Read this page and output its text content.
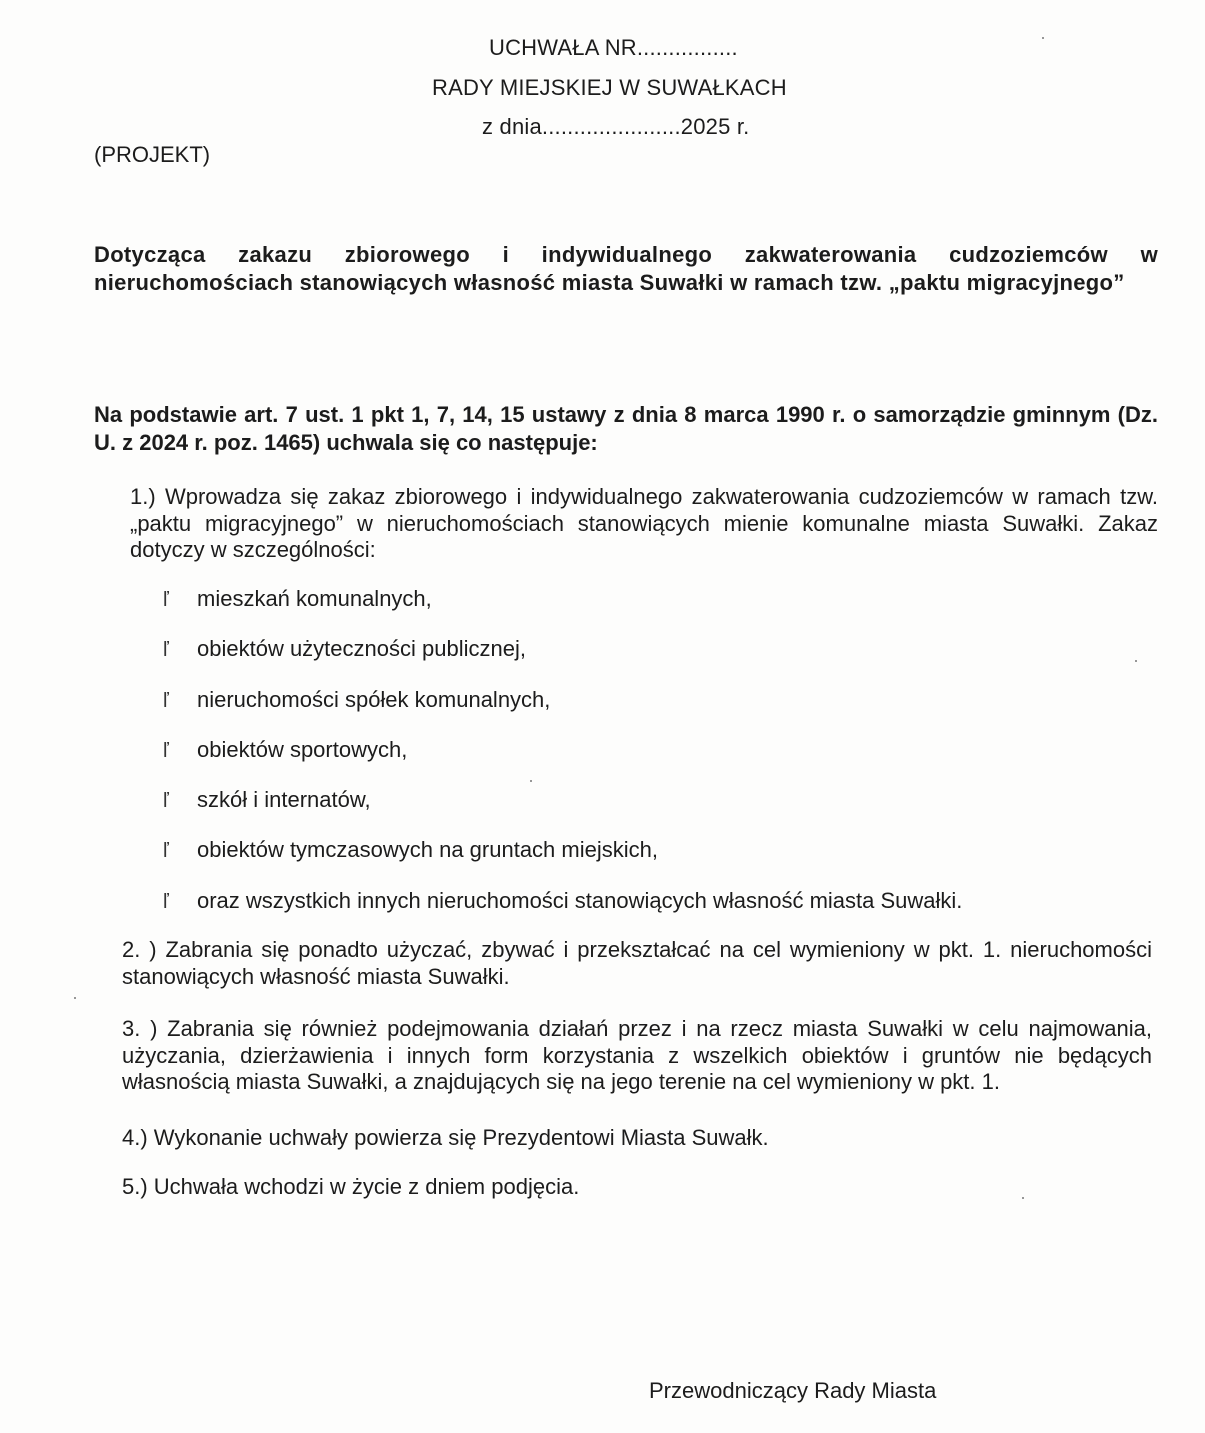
UCHWAŁA NR................
RADY MIEJSKIEJ W SUWAŁKACH
z dnia......................2025 r.
(PROJEKT)
Dotycząca zakazu zbiorowego i indywidualnego zakwaterowania cudzoziemców w nieruchomościach stanowiących własność miasta Suwałki w ramach tzw. „paktu migracyjnego”
Na podstawie art. 7 ust. 1 pkt 1, 7, 14, 15 ustawy z dnia 8 marca 1990 r. o samorządzie gminnym (Dz. U. z 2024 r. poz. 1465) uchwala się co następuje:
1.) Wprowadza się zakaz zbiorowego i indywidualnego zakwaterowania cudzoziemców w ramach tzw. „paktu migracyjnego” w nieruchomościach stanowiących mienie komunalne miasta Suwałki. Zakaz dotyczy w szczególności:
ľ mieszkań komunalnych,
ľ obiektów użyteczności publicznej,
ľ nieruchomości spółek komunalnych,
ľ obiektów sportowych,
ľ szkół i internatów,
ľ obiektów tymczasowych na gruntach miejskich,
ľ oraz wszystkich innych nieruchomości stanowiących własność miasta Suwałki.
2. ) Zabrania się ponadto użyczać, zbywać i przekształcać na cel wymieniony w pkt. 1. nieruchomości stanowiących własność miasta Suwałki.
3. ) Zabrania się również podejmowania działań przez i na rzecz miasta Suwałki w celu najmowania, użyczania, dzierżawienia i innych form korzystania z wszelkich obiektów i gruntów nie będących własnością miasta Suwałki, a znajdujących się na jego terenie na cel wymieniony w pkt. 1.
4.) Wykonanie uchwały powierza się Prezydentowi Miasta Suwałk.
5.) Uchwała wchodzi w życie z dniem podjęcia.
Przewodniczący Rady Miasta
